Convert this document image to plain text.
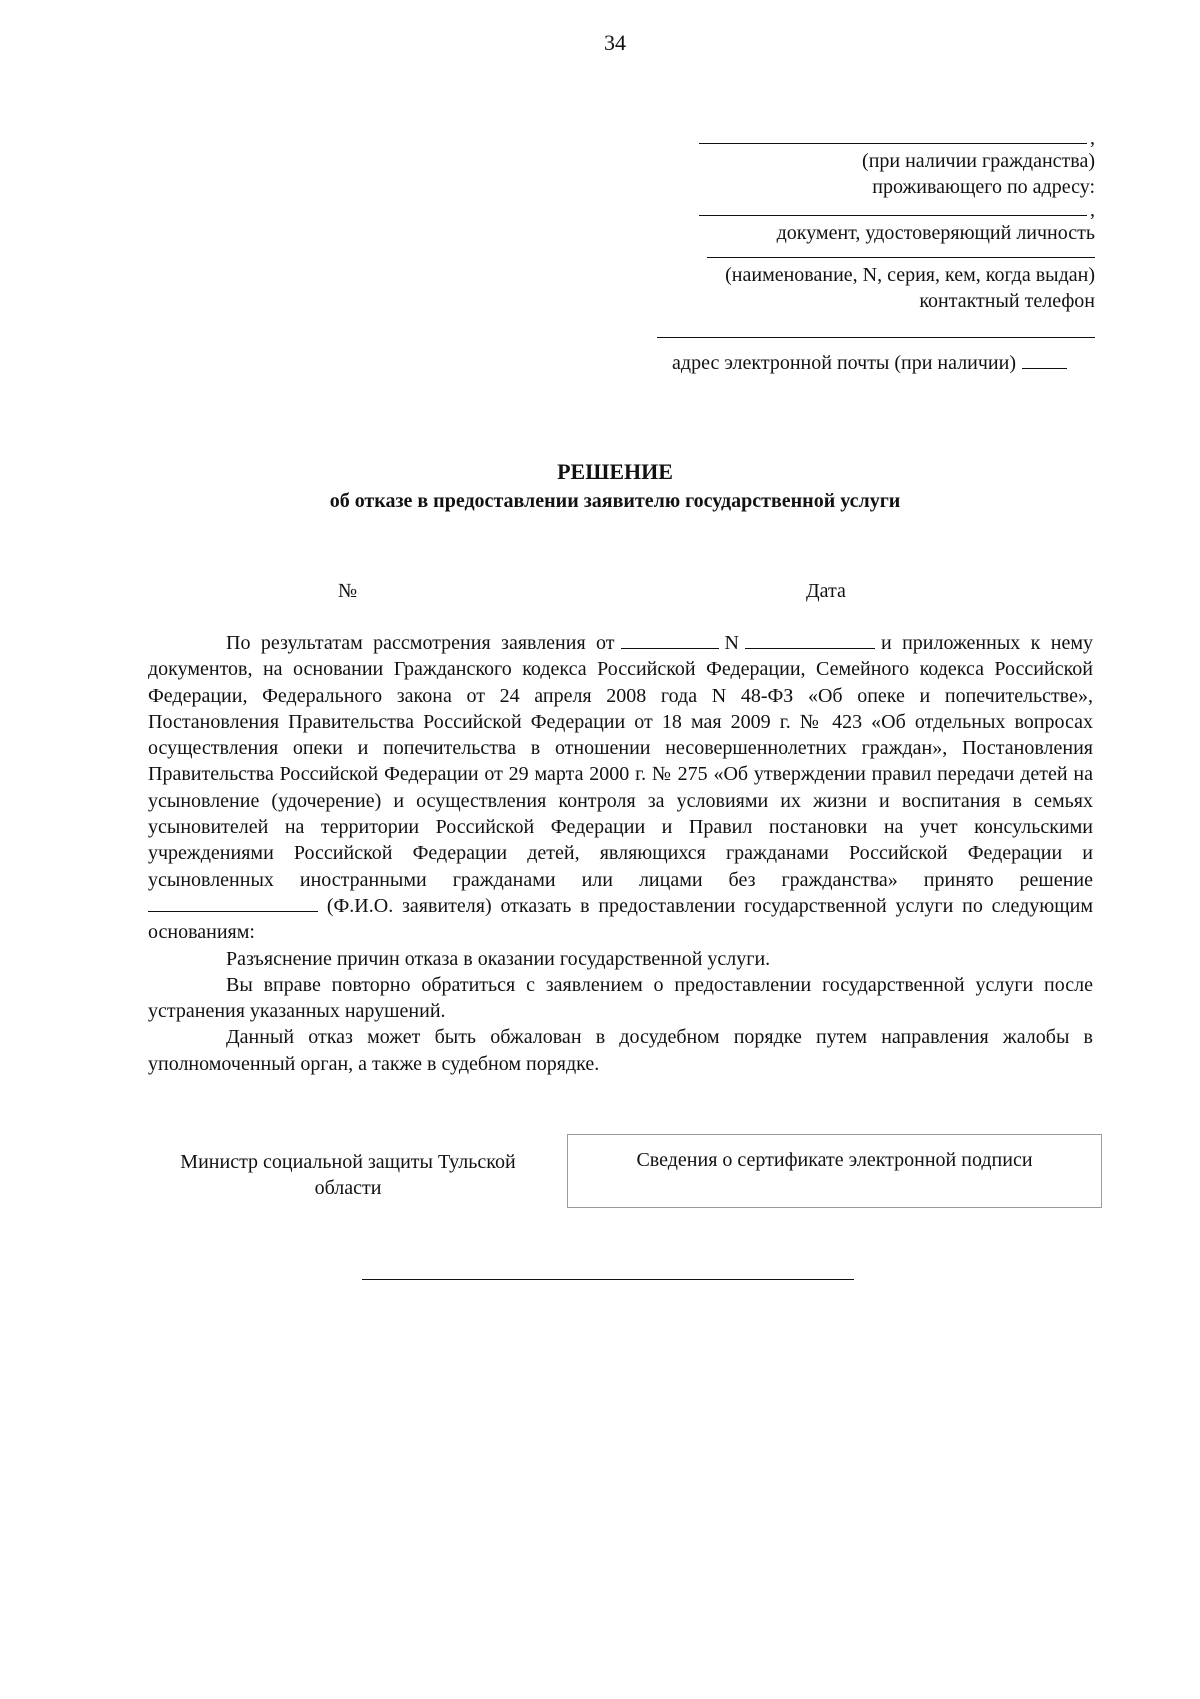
34
,
(при наличии гражданства)
проживающего по адресу:
,
документ, удостоверяющий личность
(наименование, N, серия, кем, когда выдан)
контактный телефон
адрес электронной почты (при наличии)
РЕШЕНИЕ
об отказе в предоставлении заявителю государственной услуги
№	Дата

По результатам рассмотрения заявления от	N	и приложенных к нему документов, на основании Гражданского кодекса Российской Федерации, Семейного кодекса Российской Федерации, Федерального закона от 24 апреля 2008 года N 48-ФЗ «Об опеке и попечительстве», Постановления Правительства Российской Федерации от 18 мая 2009 г. № 423 «Об отдельных вопросах осуществления опеки и попечительства в отношении несовершеннолетних граждан», Постановления Правительства Российской Федерации от 29 марта 2000 г. № 275 «Об утверждении правил передачи детей на усыновление (удочерение) и осуществления контроля за условиями их жизни и воспитания в семьях усыновителей на территории Российской Федерации и Правил постановки на учет консульскими учреждениями Российской Федерации детей, являющихся гражданами Российской Федерации и усыновленных иностранными гражданами или лицами без гражданства» принято решение  (Ф.И.О. заявителя) отказать в предоставлении государственной услуги по следующим основаниям:

Разъяснение причин отказа в оказании государственной услуги.

Вы вправе повторно обратиться с заявлением о предоставлении государственной услуги после устранения указанных нарушений.

Данный отказ может быть обжалован в досудебном порядке путем направления жалобы в уполномоченный орган, а также в судебном порядке.

Министр социальной защиты Тульской области
Сведения о сертификате электронной подписи
